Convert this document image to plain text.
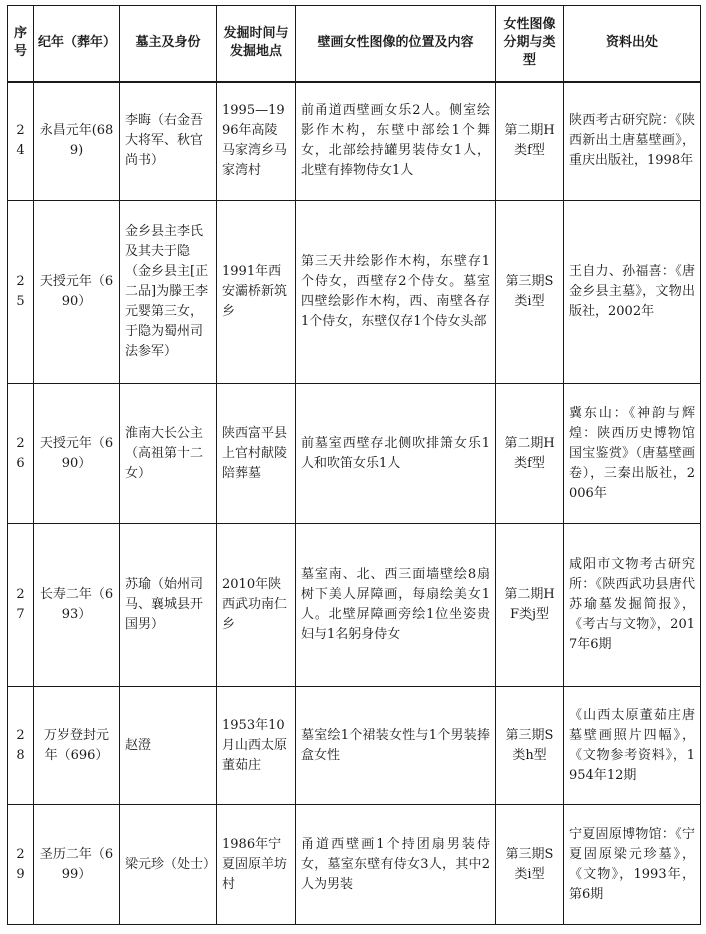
序号	纪年（葬年）	墓主及身份	发掘时间与发掘地点	壁画女性图像的位置及内容	女性图像分期与类型	资料出处
24	永昌元年(689)	李晦（右金吾大将军、秋官尚书）	1995—1996年高陵马家湾乡马家湾村	前甬道西壁画女乐2人。侧室绘影作木构，东壁中部绘1个舞女，北部绘持罐男装侍女1人，北壁有捧物侍女1人	第二期H类f型	陕西考古研究院：《陕西新出土唐墓壁画》，重庆出版社，1998年
25	天授元年（690）	金乡县主李氏及其夫于隐（金乡县主[正二品]为滕王李元婴第三女，于隐为蜀州司法参军）	1991年西安灞桥新筑乡	第三天井绘影作木构，东壁存1个侍女，西壁存2个侍女。墓室四壁绘影作木构，西、南壁各存1个侍女，东壁仅存1个侍女头部	第三期S类i型	王自力、孙福喜：《唐金乡县主墓》，文物出版社，2002年
26	天授元年（690）	淮南大长公主（高祖第十二女）	陕西富平县上官村献陵陪葬墓	前墓室西壁存北侧吹排箫女乐1人和吹笛女乐1人	第二期H类f型	冀东山：《神韵与辉煌：陕西历史博物馆国宝鉴赏》（唐墓壁画卷），三秦出版社，2006年
27	长寿二年（693）	苏瑜（始州司马、襄城县开国男）	2010年陕西武功南仁乡	墓室南、北、西三面墙壁绘8扇树下美人屏障画，每扇绘美女1人。北壁屏障画旁绘1位坐姿贵妇与1名躬身侍女	第二期HF类j型	咸阳市文物考古研究所：《陕西武功县唐代苏瑜墓发掘简报》，《考古与文物》，2017年6期
28	万岁登封元年（696）	赵澄	1953年10月山西太原董茹庄	墓室绘1个裙装女性与1个男装捧盒女性	第三期S类h型	《山西太原董茹庄唐墓壁画照片四幅》，《文物参考资料》，1954年12期
29	圣历二年（699）	梁元珍（处士）	1986年宁夏固原羊坊村	甬道西壁画1个持团扇男装侍女，墓室东壁有侍女3人，其中2人为男装	第三期S类i型	宁夏固原博物馆：《宁夏固原梁元珍墓》，《文物》，1993年，第6期
